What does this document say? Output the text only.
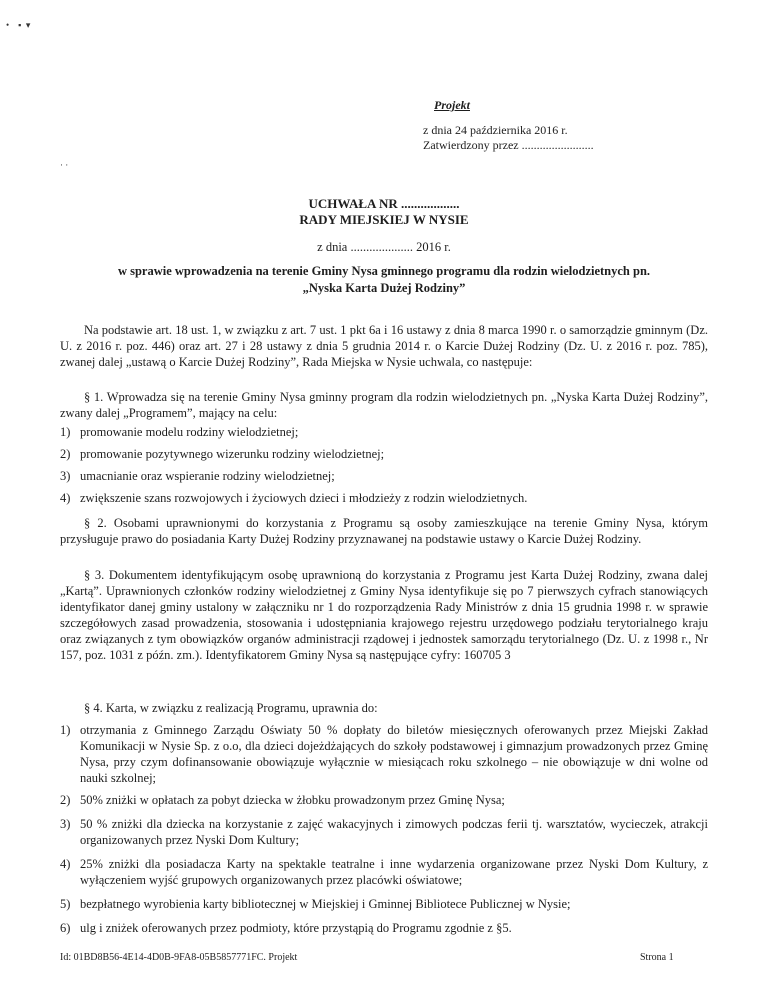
•    ▪  ▾
· ·
Projekt
z dnia 24 października 2016 r.
Zatwierdzony przez ........................
UCHWAŁA NR ..................
RADY MIEJSKIEJ W NYSIE
z dnia .................... 2016 r.
w sprawie wprowadzenia na terenie Gminy Nysa gminnego programu dla rodzin wielodzietnych pn.
„Nyska Karta Dużej Rodziny”
Na podstawie art. 18 ust. 1, w związku z art. 7 ust. 1 pkt 6a i 16 ustawy z dnia 8 marca 1990 r. o samorządzie gminnym (Dz. U. z 2016 r. poz. 446) oraz art. 27 i 28 ustawy z dnia 5 grudnia 2014 r. o Karcie Dużej Rodziny (Dz. U. z 2016 r. poz. 785), zwanej dalej „ustawą o Karcie Dużej Rodziny”, Rada Miejska w Nysie uchwala, co następuje:
§ 1. Wprowadza się na terenie Gminy Nysa gminny program dla rodzin wielodzietnych pn. „Nyska Karta Dużej Rodziny”, zwany dalej „Programem”, mający na celu:
1) promowanie modelu rodziny wielodzietnej;
2) promowanie pozytywnego wizerunku rodziny wielodzietnej;
3) umacnianie oraz wspieranie rodziny wielodzietnej;
4) zwiększenie szans rozwojowych i życiowych dzieci i młodzieży z rodzin wielodzietnych.
§ 2. Osobami uprawnionymi do korzystania z Programu są osoby zamieszkujące na terenie Gminy Nysa, którym przysługuje prawo do posiadania Karty Dużej Rodziny przyznawanej na podstawie ustawy o Karcie Dużej Rodziny.
§ 3. Dokumentem identyfikującym osobę uprawnioną do korzystania z Programu jest Karta Dużej Rodziny, zwana dalej „Kartą”. Uprawnionych członków rodziny wielodzietnej z Gminy Nysa identyfikuje się po 7 pierwszych cyfrach stanowiących identyfikator danej gminy ustalony w załączniku nr 1 do rozporządzenia Rady Ministrów z dnia 15 grudnia 1998 r. w sprawie szczegółowych zasad prowadzenia, stosowania i udostępniania krajowego rejestru urzędowego podziału terytorialnego kraju oraz związanych z tym obowiązków organów administracji rządowej i jednostek samorządu terytorialnego (Dz. U. z 1998 r., Nr 157, poz. 1031 z późn. zm.). Identyfikatorem Gminy Nysa są następujące cyfry: 160705 3
§ 4. Karta, w związku z realizacją Programu, uprawnia do:
1) otrzymania z Gminnego Zarządu Oświaty 50 % dopłaty do biletów miesięcznych oferowanych przez Miejski Zakład Komunikacji w Nysie Sp. z o.o, dla dzieci dojeżdżających do szkoły podstawowej i gimnazjum prowadzonych przez Gminę Nysa, przy czym dofinansowanie obowiązuje wyłącznie w miesiącach roku szkolnego – nie obowiązuje w dni wolne od nauki szkolnej;
2) 50% zniżki w opłatach za pobyt dziecka w żłobku prowadzonym przez Gminę Nysa;
3) 50 % zniżki dla dziecka na korzystanie z zajęć wakacyjnych i zimowych podczas ferii tj. warsztatów, wycieczek, atrakcji organizowanych przez Nyski Dom Kultury;
4) 25% zniżki dla posiadacza Karty na spektakle teatralne i inne wydarzenia organizowane przez Nyski Dom Kultury, z wyłączeniem wyjść grupowych organizowanych przez placówki oświatowe;
5) bezpłatnego wyrobienia karty bibliotecznej w Miejskiej i Gminnej Bibliotece Publicznej w Nysie;
6) ulg i zniżek oferowanych przez podmioty, które przystąpią do Programu zgodnie z §5.
Id: 01BD8B56-4E14-4D0B-9FA8-05B5857771FC. Projekt	Strona 1
